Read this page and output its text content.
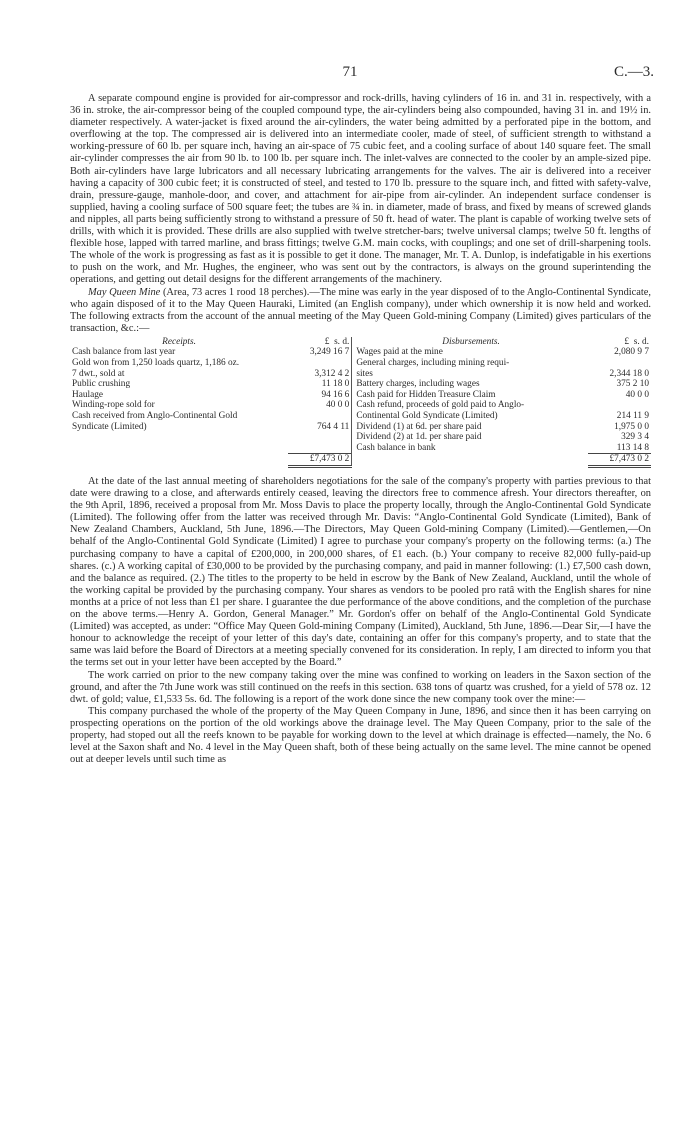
71	C.—3.

A separate compound engine is provided for air-compressor and rock-drills, having cylinders of 16 in. and 31 in. respectively, with a 36 in. stroke, the air-compressor being of the coupled compound type, the air-cylinders being also compounded, having 31 in. and 19½ in. diameter respectively. A water-jacket is fixed around the air-cylinders, the water being admitted by a perforated pipe in the bottom, and overflowing at the top. The compressed air is delivered into an intermediate cooler, made of steel, of sufficient strength to withstand a working-pressure of 60 lb. per square inch, having an air-space of 75 cubic feet, and a cooling surface of about 140 square feet. The small air-cylinder compresses the air from 90 lb. to 100 lb. per square inch. The inlet-valves are connected to the cooler by an ample-sized pipe. Both air-cylinders have large lubricators and all necessary lubricating arrangements for the valves. The air is delivered into a receiver having a capacity of 300 cubic feet; it is constructed of steel, and tested to 170 lb. pressure to the square inch, and fitted with safety-valve, drain, pressure-gauge, manhole-door, and cover, and attachment for air-pipe from air-cylinder. An independent surface condenser is supplied, having a cooling surface of 500 square feet; the tubes are ¾ in. in diameter, made of brass, and fixed by means of screwed glands and nipples, all parts being sufficiently strong to withstand a pressure of 50 ft. head of water. The plant is capable of working twelve sets of drills, with which it is provided. These drills are also supplied with twelve stretcher-bars; twelve universal clamps; twelve 50 ft. lengths of flexible hose, lapped with tarred marline, and brass fittings; twelve G.M. main cocks, with couplings; and one set of drill-sharpening tools. The whole of the work is progressing as fast as it is possible to get it done. The manager, Mr. T. A. Dunlop, is indefatigable in his exertions to push on the work, and Mr. Hughes, the engineer, who was sent out by the contractors, is always on the ground superintending the operations, and getting out detail designs for the different arrangements of the machinery.

May Queen Mine (Area, 73 acres 1 rood 18 perches).—The mine was early in the year disposed of to the Anglo-Continental Syndicate, who again disposed of it to the May Queen Hauraki, Limited (an English company), under which ownership it is now held and worked. The following extracts from the account of the annual meeting of the May Queen Gold-mining Company (Limited) gives particulars of the transaction, &c.:—

Receipts.	£ s. d.	Disbursements.	£ s. d.
Cash balance from last year	3,249 16 7	Wages paid at the mine	2,080 9 7
Gold won from 1,250 loads quartz, 1,186 oz.		General charges, including mining requi-	
7 dwt., sold at	3,312 4 2	sites	2,344 18 0
Public crushing	11 18 0	Battery charges, including wages	375 2 10
Haulage	94 16 6	Cash paid for Hidden Treasure Claim	40 0 0
Winding-rope sold for	40 0 0	Cash refund, proceeds of gold paid to Anglo-	
Cash received from Anglo-Continental Gold		Continental Gold Syndicate (Limited)	214 11 9
Syndicate (Limited)	764 4 11	Dividend (1) at 6d. per share paid	1,975 0 0
		Dividend (2) at 1d. per share paid	329 3 4
		Cash balance in bank	113 14 8
	£7,473 0 2		£7,473 0 2

At the date of the last annual meeting of shareholders negotiations for the sale of the company's property with parties previous to that date were drawing to a close, and afterwards entirely ceased, leaving the directors free to commence afresh. Your directors thereafter, on the 9th April, 1896, received a proposal from Mr. Moss Davis to place the property locally, through the Anglo-Continental Gold Syndicate (Limited). The following offer from the latter was received through Mr. Davis: “Anglo-Continental Gold Syndicate (Limited), Bank of New Zealand Chambers, Auckland, 5th June, 1896.—The Directors, May Queen Gold-mining Company (Limited).—Gentlemen,—On behalf of the Anglo-Continental Gold Syndicate (Limited) I agree to purchase your company's property on the following terms: (a.) The purchasing company to have a capital of £200,000, in 200,000 shares, of £1 each. (b.) Your company to receive 82,000 fully-paid-up shares. (c.) A working capital of £30,000 to be provided by the purchasing company, and paid in manner following: (1.) £7,500 cash down, and the balance as required. (2.) The titles to the property to be held in escrow by the Bank of New Zealand, Auckland, until the whole of the working capital be provided by the purchasing company. Your shares as vendors to be pooled pro ratâ with the English shares for nine months at a price of not less than £1 per share. I guarantee the due performance of the above conditions, and the completion of the purchase on the above terms.—Henry A. Gordon, General Manager.” Mr. Gordon's offer on behalf of the Anglo-Continental Gold Syndicate (Limited) was accepted, as under: “Office May Queen Gold-mining Company (Limited), Auckland, 5th June, 1896.—Dear Sir,—I have the honour to acknowledge the receipt of your letter of this day's date, containing an offer for this company's property, and to state that the same was laid before the Board of Directors at a meeting specially convened for its consideration. In reply, I am directed to inform you that the terms set out in your letter have been accepted by the Board.”

The work carried on prior to the new company taking over the mine was confined to working on leaders in the Saxon section of the ground, and after the 7th June work was still continued on the reefs in this section. 638 tons of quartz was crushed, for a yield of 578 oz. 12 dwt. of gold; value, £1,533 5s. 6d. The following is a report of the work done since the new company took over the mine:—

This company purchased the whole of the property of the May Queen Company in June, 1896, and since then it has been carrying on prospecting operations on the portion of the old workings above the drainage level. The May Queen Company, prior to the sale of the property, had stoped out all the reefs known to be payable for working down to the level at which drainage is effected—namely, the No. 6 level at the Saxon shaft and No. 4 level in the May Queen shaft, both of these being actually on the same level. The mine cannot be opened out at deeper levels until such time as
